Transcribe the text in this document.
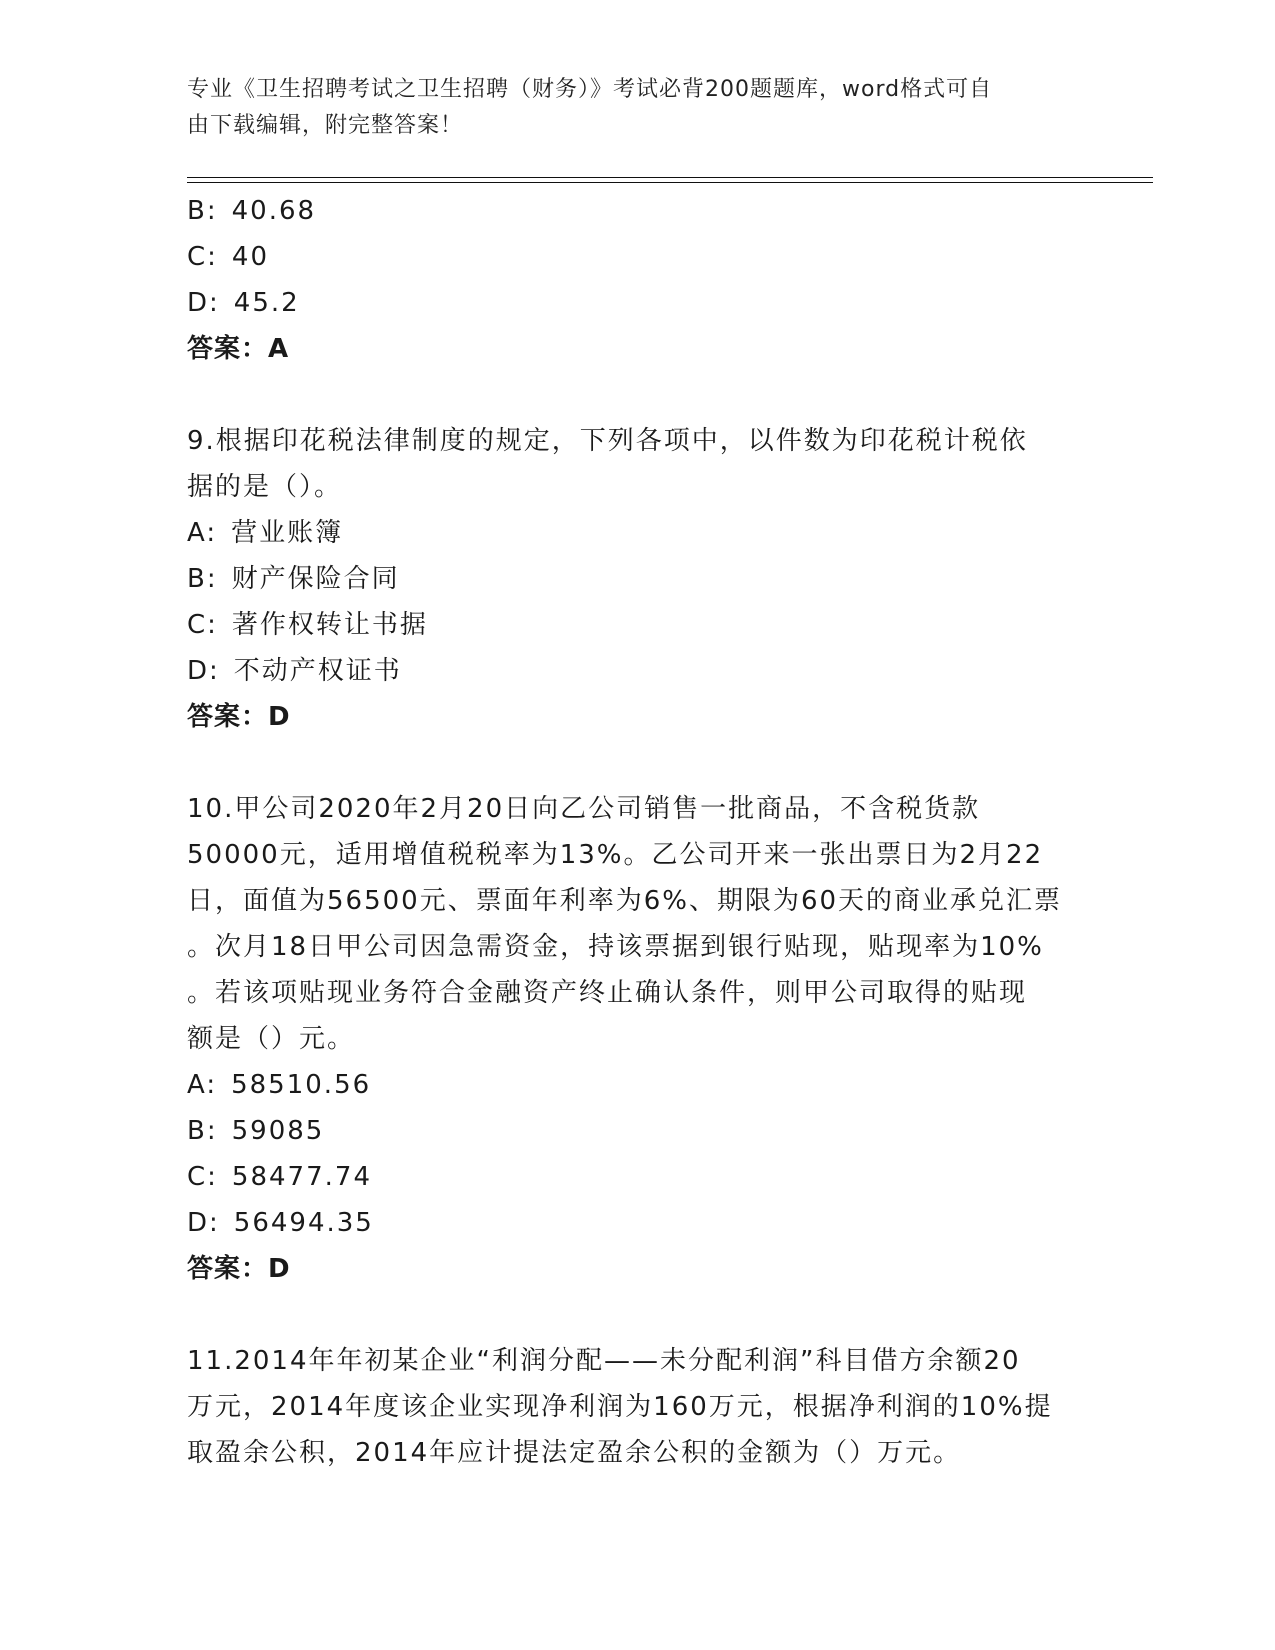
专业《卫生招聘考试之卫生招聘（财务）》考试必背200题题库，word格式可自
由下载编辑，附完整答案！
B: 40.68
C: 40
D: 45.2
答案：A
9.根据印花税法律制度的规定，下列各项中，以件数为印花税计税依
据的是（）。
A: 营业账簿
B: 财产保险合同
C: 著作权转让书据
D: 不动产权证书
答案：D
10.甲公司2020年2月20日向乙公司销售一批商品，不含税货款
50000元，适用增值税税率为13%。乙公司开来一张出票日为2月22
日，面值为56500元、票面年利率为6%、期限为60天的商业承兑汇票
。次月18日甲公司因急需资金，持该票据到银行贴现，贴现率为10%
。若该项贴现业务符合金融资产终止确认条件，则甲公司取得的贴现
额是（）元。
A: 58510.56
B: 59085
C: 58477.74
D: 56494.35
答案：D
11.2014年年初某企业“利润分配——未分配利润”科目借方余额20
万元，2014年度该企业实现净利润为160万元，根据净利润的10%提
取盈余公积，2014年应计提法定盈余公积的金额为（）万元。
